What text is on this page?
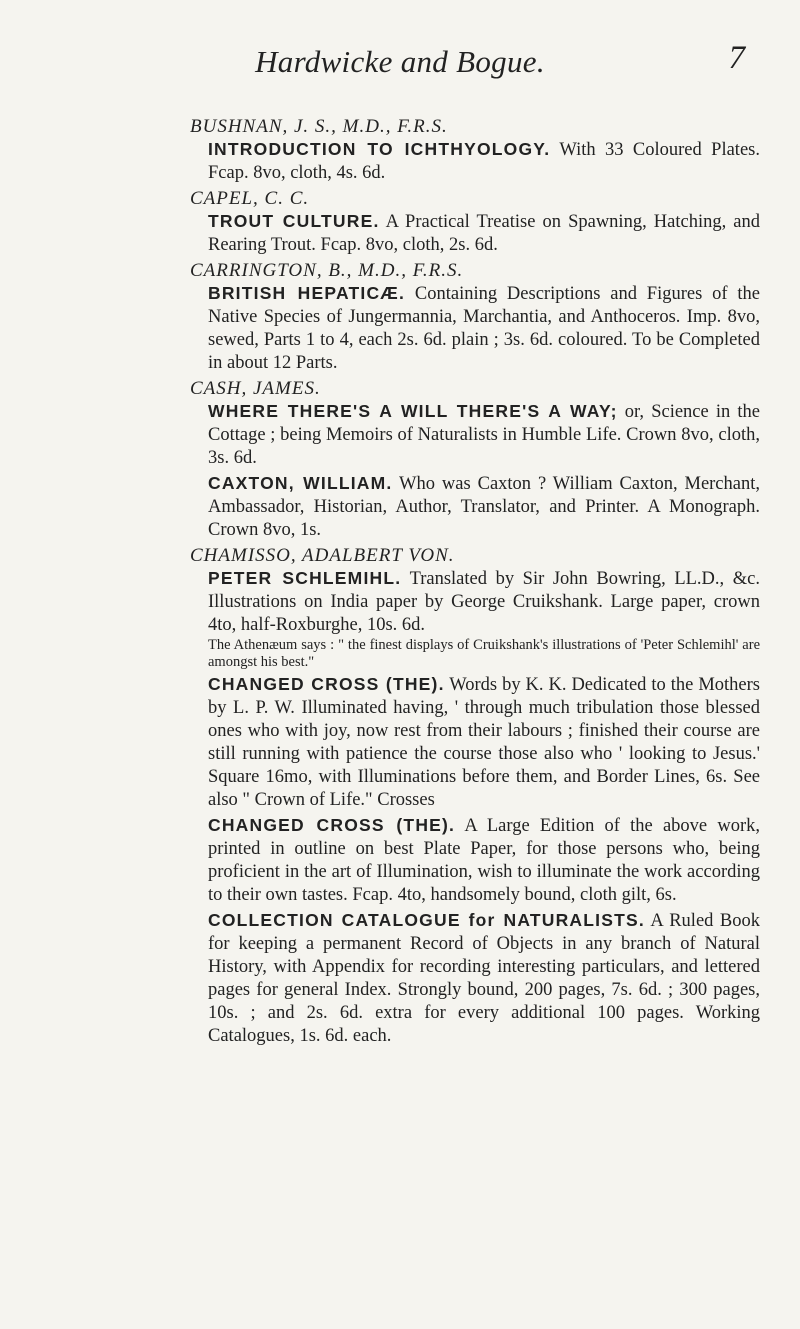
Hardwicke and Bogue.	7
BUSHNAN, J. S., M.D., F.R.S.
INTRODUCTION TO ICHTHYOLOGY. With 33 Coloured Plates. Fcap. 8vo, cloth, 4s. 6d.
CAPEL, C. C.
TROUT CULTURE. A Practical Treatise on Spawning, Hatching, and Rearing Trout. Fcap. 8vo, cloth, 2s. 6d.
CARRINGTON, B., M.D., F.R.S.
BRITISH HEPATICÆ. Containing Descriptions and Figures of the Native Species of Jungermannia, Marchantia, and Anthoceros. Imp. 8vo, sewed, Parts 1 to 4, each 2s. 6d. plain ; 3s. 6d. coloured. To be Completed in about 12 Parts.
CASH, JAMES.
WHERE THERE'S A WILL THERE'S A WAY; or, Science in the Cottage ; being Memoirs of Naturalists in Humble Life. Crown 8vo, cloth, 3s. 6d.
CAXTON, WILLIAM. Who was Caxton ? William Caxton, Merchant, Ambassador, Historian, Author, Translator, and Printer. A Monograph. Crown 8vo, 1s.
CHAMISSO, ADALBERT VON.
PETER SCHLEMIHL. Translated by Sir John Bowring, LL.D., &c. Illustrations on India paper by George Cruikshank. Large paper, crown 4to, half-Roxburghe, 10s. 6d.
The Athenæum says : " the finest displays of Cruikshank's illustrations of 'Peter Schlemihl' are amongst his best."
CHANGED CROSS (THE). Words by K. K. Dedicated to the Mothers by L. P. W. Illuminated having, ' through much tribulation those blessed ones who with joy, now rest from their labours ; finished their course are still running with patience the course those also who ' looking to Jesus.' Square 16mo, with Illuminations before them, and Border Lines, 6s. See also " Crown of Life." Crosses
CHANGED CROSS (THE). A Large Edition of the above work, printed in outline on best Plate Paper, for those persons who, being proficient in the art of Illumination, wish to illuminate the work according to their own tastes. Fcap. 4to, handsomely bound, cloth gilt, 6s.
COLLECTION CATALOGUE for NATURALISTS. A Ruled Book for keeping a permanent Record of Objects in any branch of Natural History, with Appendix for recording interesting particulars, and lettered pages for general Index. Strongly bound, 200 pages, 7s. 6d. ; 300 pages, 10s. ; and 2s. 6d. extra for every additional 100 pages. Working Catalogues, 1s. 6d. each.
